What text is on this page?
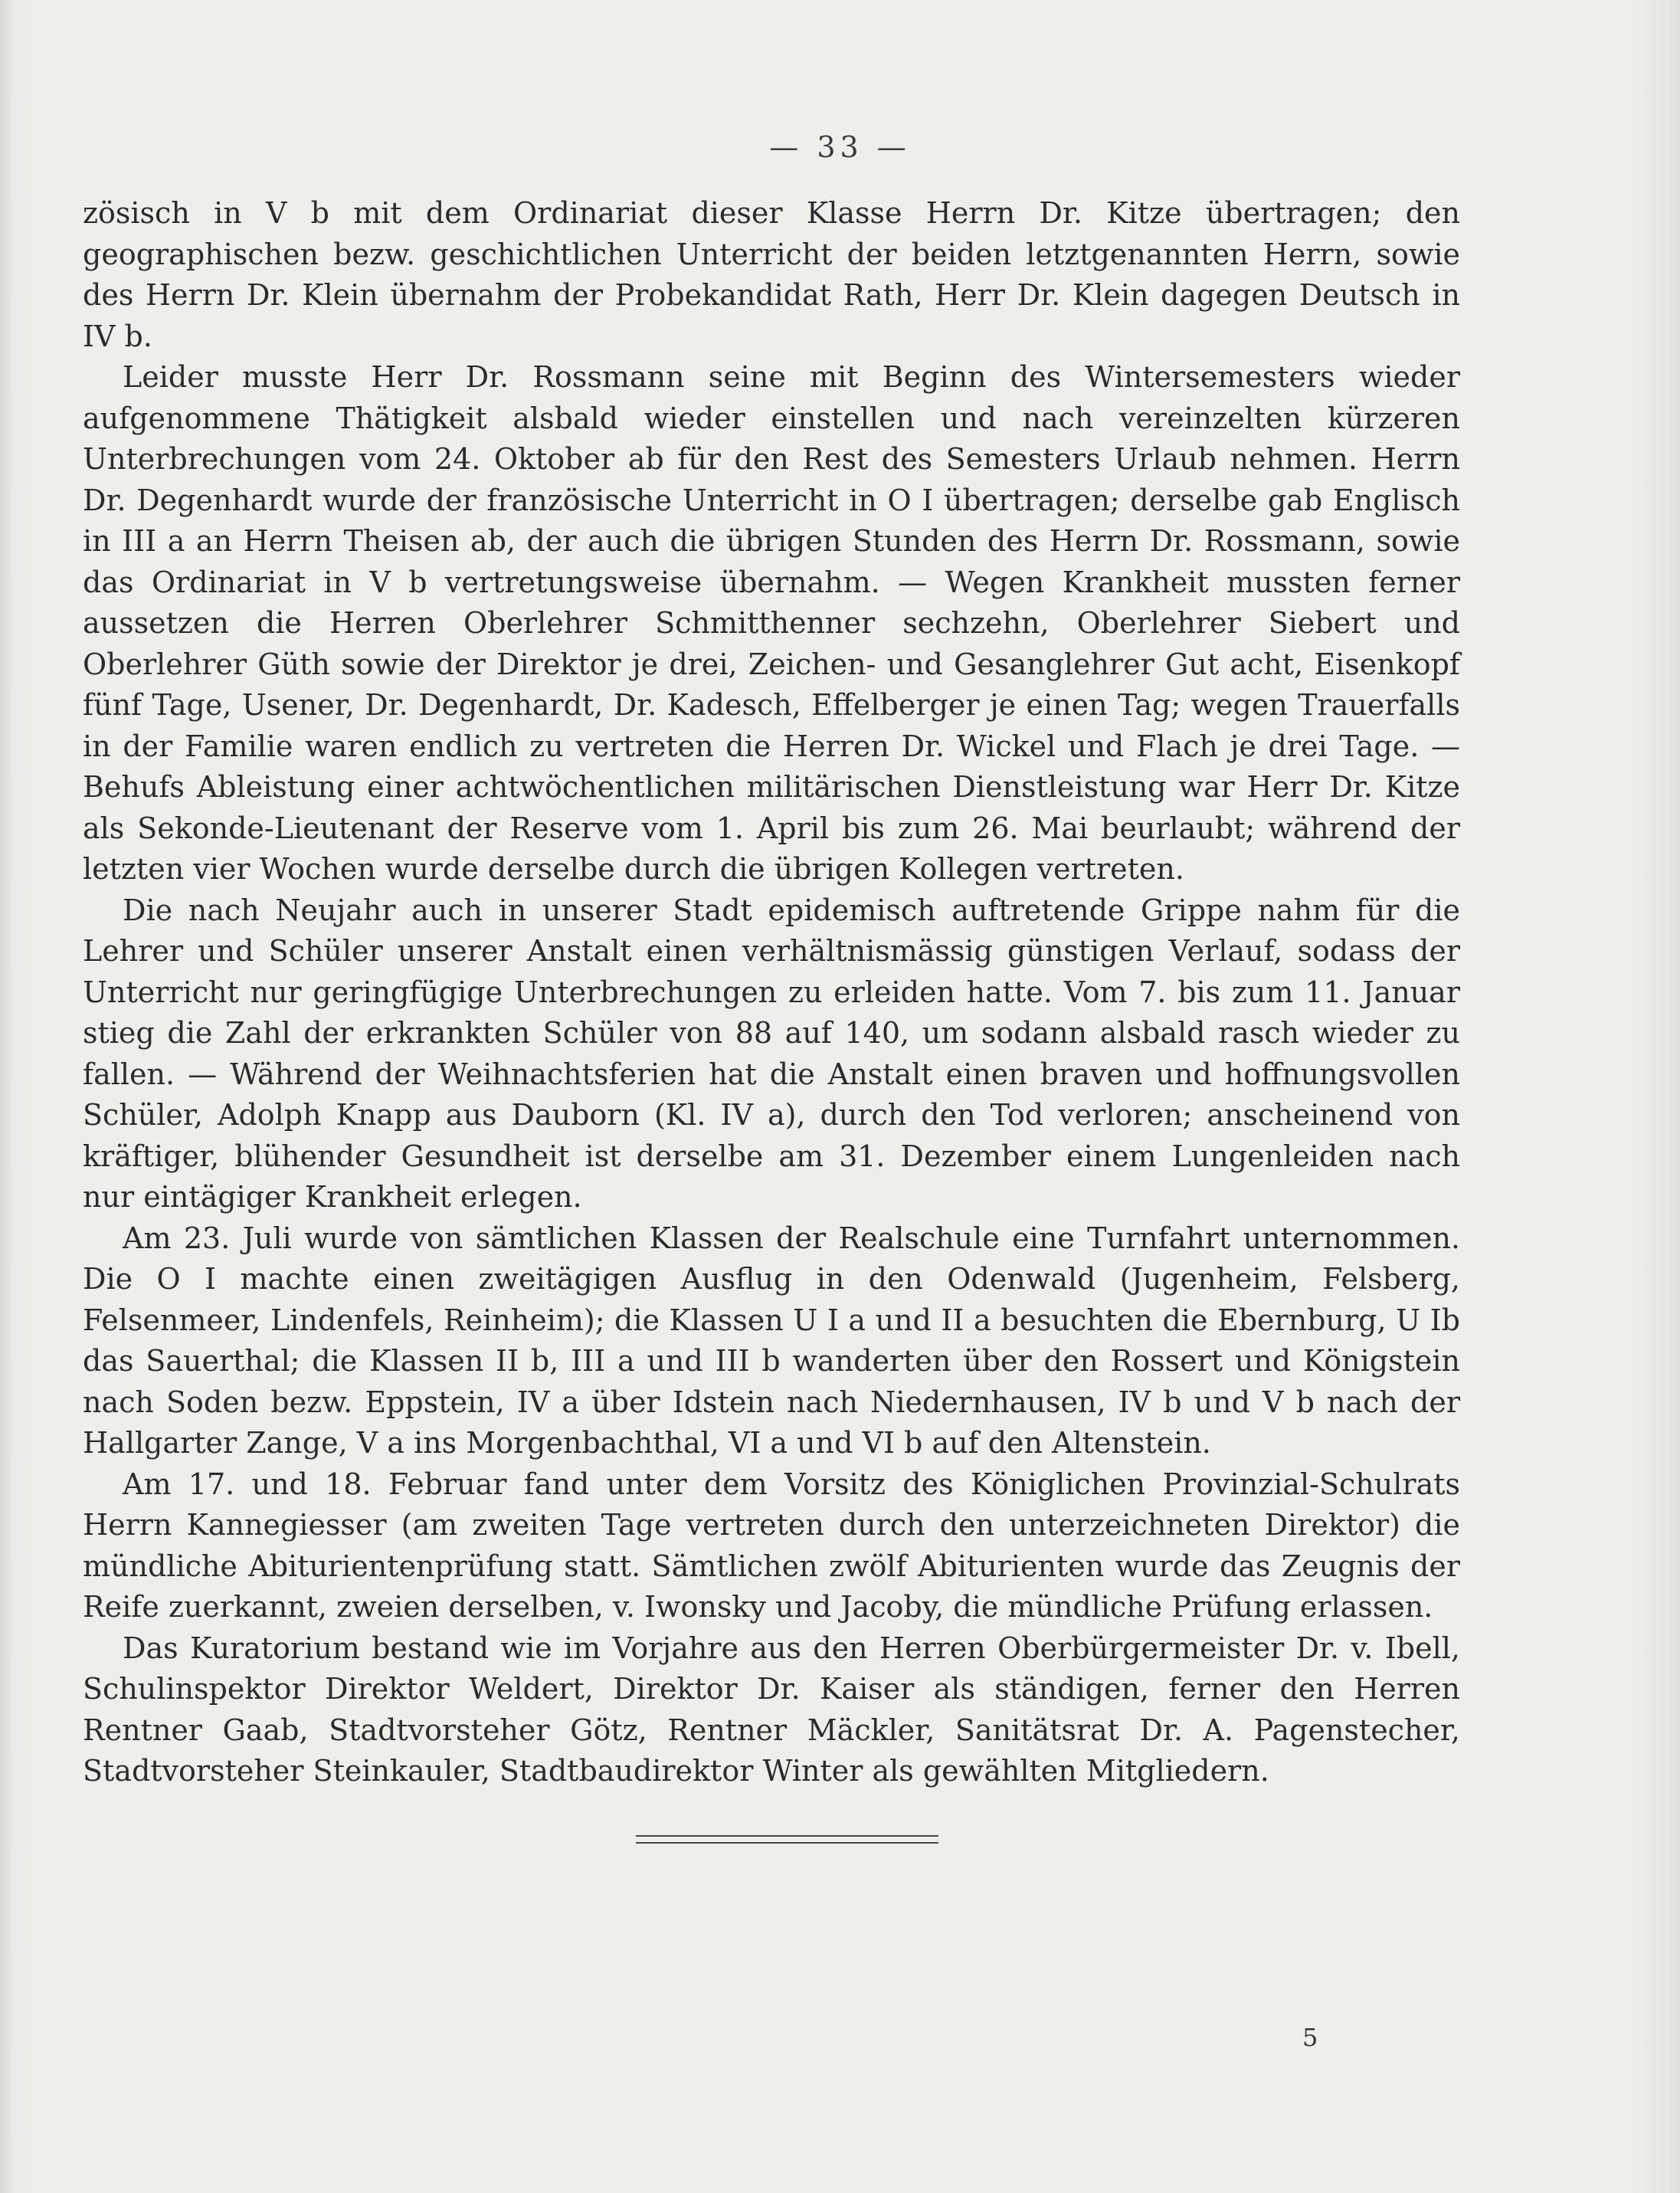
— 33 —

zösisch in V b mit dem Ordinariat dieser Klasse Herrn Dr. Kitze übertragen; den geographischen bezw. geschichtlichen Unterricht der beiden letztgenannten Herrn, sowie des Herrn Dr. Klein übernahm der Probekandidat Rath, Herr Dr. Klein dagegen Deutsch in IV b.

Leider musste Herr Dr. Rossmann seine mit Beginn des Wintersemesters wieder aufgenommene Thätigkeit alsbald wieder einstellen und nach vereinzelten kürzeren Unterbrechungen vom 24. Oktober ab für den Rest des Semesters Urlaub nehmen. Herrn Dr. Degenhardt wurde der französische Unterricht in O I übertragen; derselbe gab Englisch in III a an Herrn Theisen ab, der auch die übrigen Stunden des Herrn Dr. Rossmann, sowie das Ordinariat in V b vertretungsweise übernahm. — Wegen Krankheit mussten ferner aussetzen die Herren Oberlehrer Schmitthenner sechzehn, Oberlehrer Siebert und Oberlehrer Güth sowie der Direktor je drei, Zeichen- und Gesanglehrer Gut acht, Eisenkopf fünf Tage, Usener, Dr. Degenhardt, Dr. Kadesch, Effelberger je einen Tag; wegen Trauerfalls in der Familie waren endlich zu vertreten die Herren Dr. Wickel und Flach je drei Tage. — Behufs Ableistung einer achtwöchentlichen militärischen Dienstleistung war Herr Dr. Kitze als Sekonde-Lieutenant der Reserve vom 1. April bis zum 26. Mai beurlaubt; während der letzten vier Wochen wurde derselbe durch die übrigen Kollegen vertreten.

Die nach Neujahr auch in unserer Stadt epidemisch auftretende Grippe nahm für die Lehrer und Schüler unserer Anstalt einen verhältnismässig günstigen Verlauf, sodass der Unterricht nur geringfügige Unterbrechungen zu erleiden hatte. Vom 7. bis zum 11. Januar stieg die Zahl der erkrankten Schüler von 88 auf 140, um sodann alsbald rasch wieder zu fallen. — Während der Weihnachtsferien hat die Anstalt einen braven und hoffnungsvollen Schüler, Adolph Knapp aus Dauborn (Kl. IV a), durch den Tod verloren; anscheinend von kräftiger, blühender Gesundheit ist derselbe am 31. Dezember einem Lungenleiden nach nur eintägiger Krankheit erlegen.

Am 23. Juli wurde von sämtlichen Klassen der Realschule eine Turnfahrt unternommen. Die O I machte einen zweitägigen Ausflug in den Odenwald (Jugenheim, Felsberg, Felsenmeer, Lindenfels, Reinheim); die Klassen U I a und II a besuchten die Ebernburg, U Ib das Sauerthal; die Klassen II b, III a und III b wanderten über den Rossert und Königstein nach Soden bezw. Eppstein, IV a über Idstein nach Niedernhausen, IV b und V b nach der Hallgarter Zange, V a ins Morgenbachthal, VI a und VI b auf den Altenstein.

Am 17. und 18. Februar fand unter dem Vorsitz des Königlichen Provinzial-Schulrats Herrn Kannegiesser (am zweiten Tage vertreten durch den unterzeichneten Direktor) die mündliche Abiturientenprüfung statt. Sämtlichen zwölf Abiturienten wurde das Zeugnis der Reife zuerkannt, zweien derselben, v. Iwonsky und Jacoby, die mündliche Prüfung erlassen.

Das Kuratorium bestand wie im Vorjahre aus den Herren Oberbürgermeister Dr. v. Ibell, Schulinspektor Direktor Weldert, Direktor Dr. Kaiser als ständigen, ferner den Herren Rentner Gaab, Stadtvorsteher Götz, Rentner Mäckler, Sanitätsrat Dr. A. Pagenstecher, Stadtvorsteher Steinkauler, Stadtbaudirektor Winter als gewählten Mitgliedern.

5
